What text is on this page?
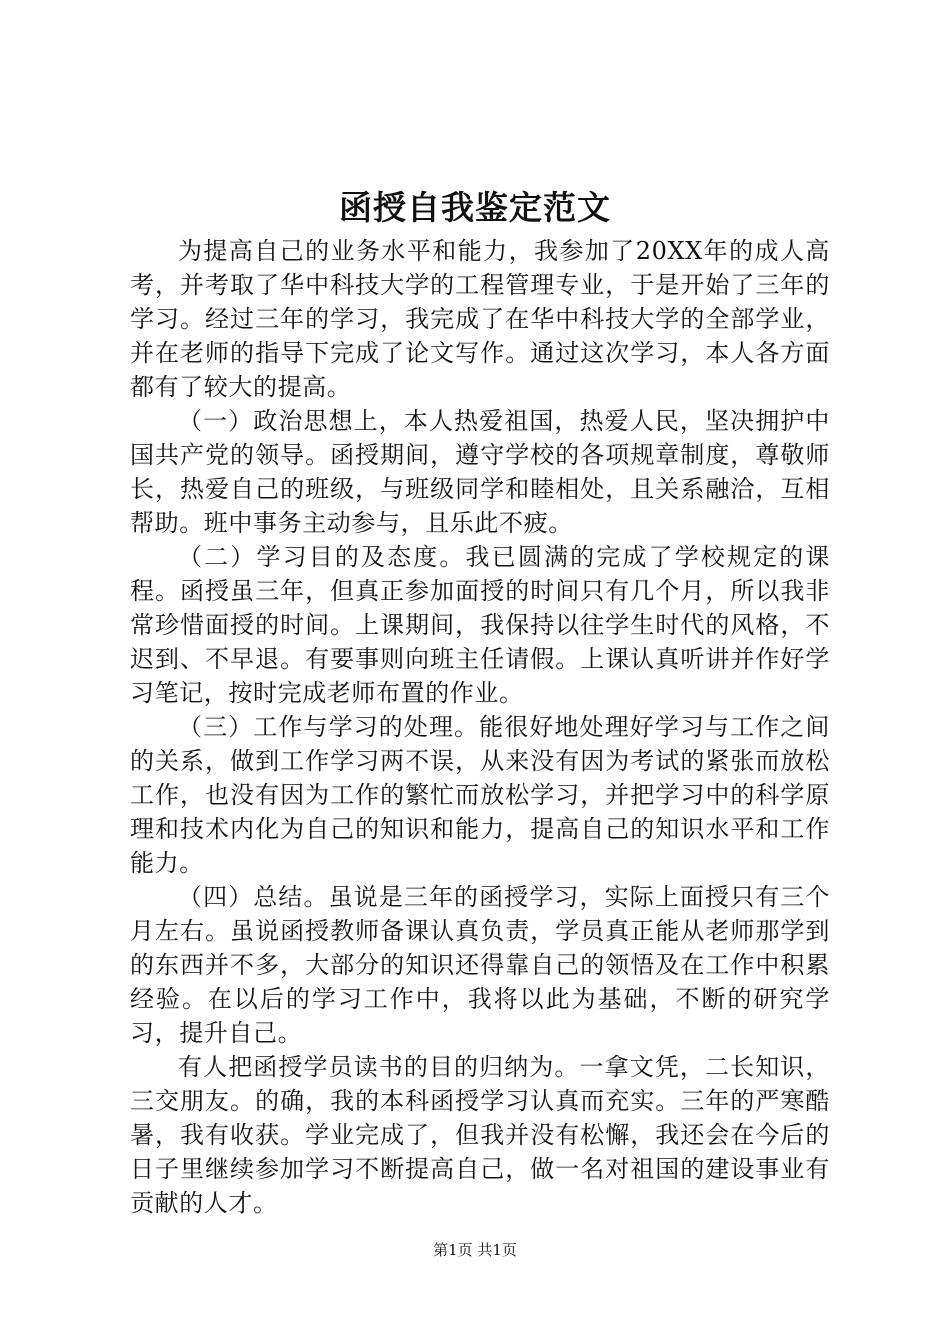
函授自我鉴定范文

为提高自己的业务水平和能力，我参加了20XX年的成人高考，并考取了华中科技大学的工程管理专业，于是开始了三年的学习。经过三年的学习，我完成了在华中科技大学的全部学业，并在老师的指导下完成了论文写作。通过这次学习，本人各方面都有了较大的提高。

（一）政治思想上，本人热爱祖国，热爱人民，坚决拥护中国共产党的领导。函授期间，遵守学校的各项规章制度，尊敬师长，热爱自己的班级，与班级同学和睦相处，且关系融洽，互相帮助。班中事务主动参与，且乐此不疲。

（二）学习目的及态度。我已圆满的完成了学校规定的课程。函授虽三年，但真正参加面授的时间只有几个月，所以我非常珍惜面授的时间。上课期间，我保持以往学生时代的风格，不迟到、不早退。有要事则向班主任请假。上课认真听讲并作好学习笔记，按时完成老师布置的作业。

（三）工作与学习的处理。能很好地处理好学习与工作之间的关系，做到工作学习两不误，从来没有因为考试的紧张而放松工作，也没有因为工作的繁忙而放松学习，并把学习中的科学原理和技术内化为自己的知识和能力，提高自己的知识水平和工作能力。

（四）总结。虽说是三年的函授学习，实际上面授只有三个月左右。虽说函授教师备课认真负责，学员真正能从老师那学到的东西并不多，大部分的知识还得靠自己的领悟及在工作中积累经验。在以后的学习工作中，我将以此为基础，不断的研究学习，提升自己。

有人把函授学员读书的目的归纳为。一拿文凭，二长知识，三交朋友。的确，我的本科函授学习认真而充实。三年的严寒酷暑，我有收获。学业完成了，但我并没有松懈，我还会在今后的日子里继续参加学习不断提高自己，做一名对祖国的建设事业有贡献的人才。

第1页 共1页
